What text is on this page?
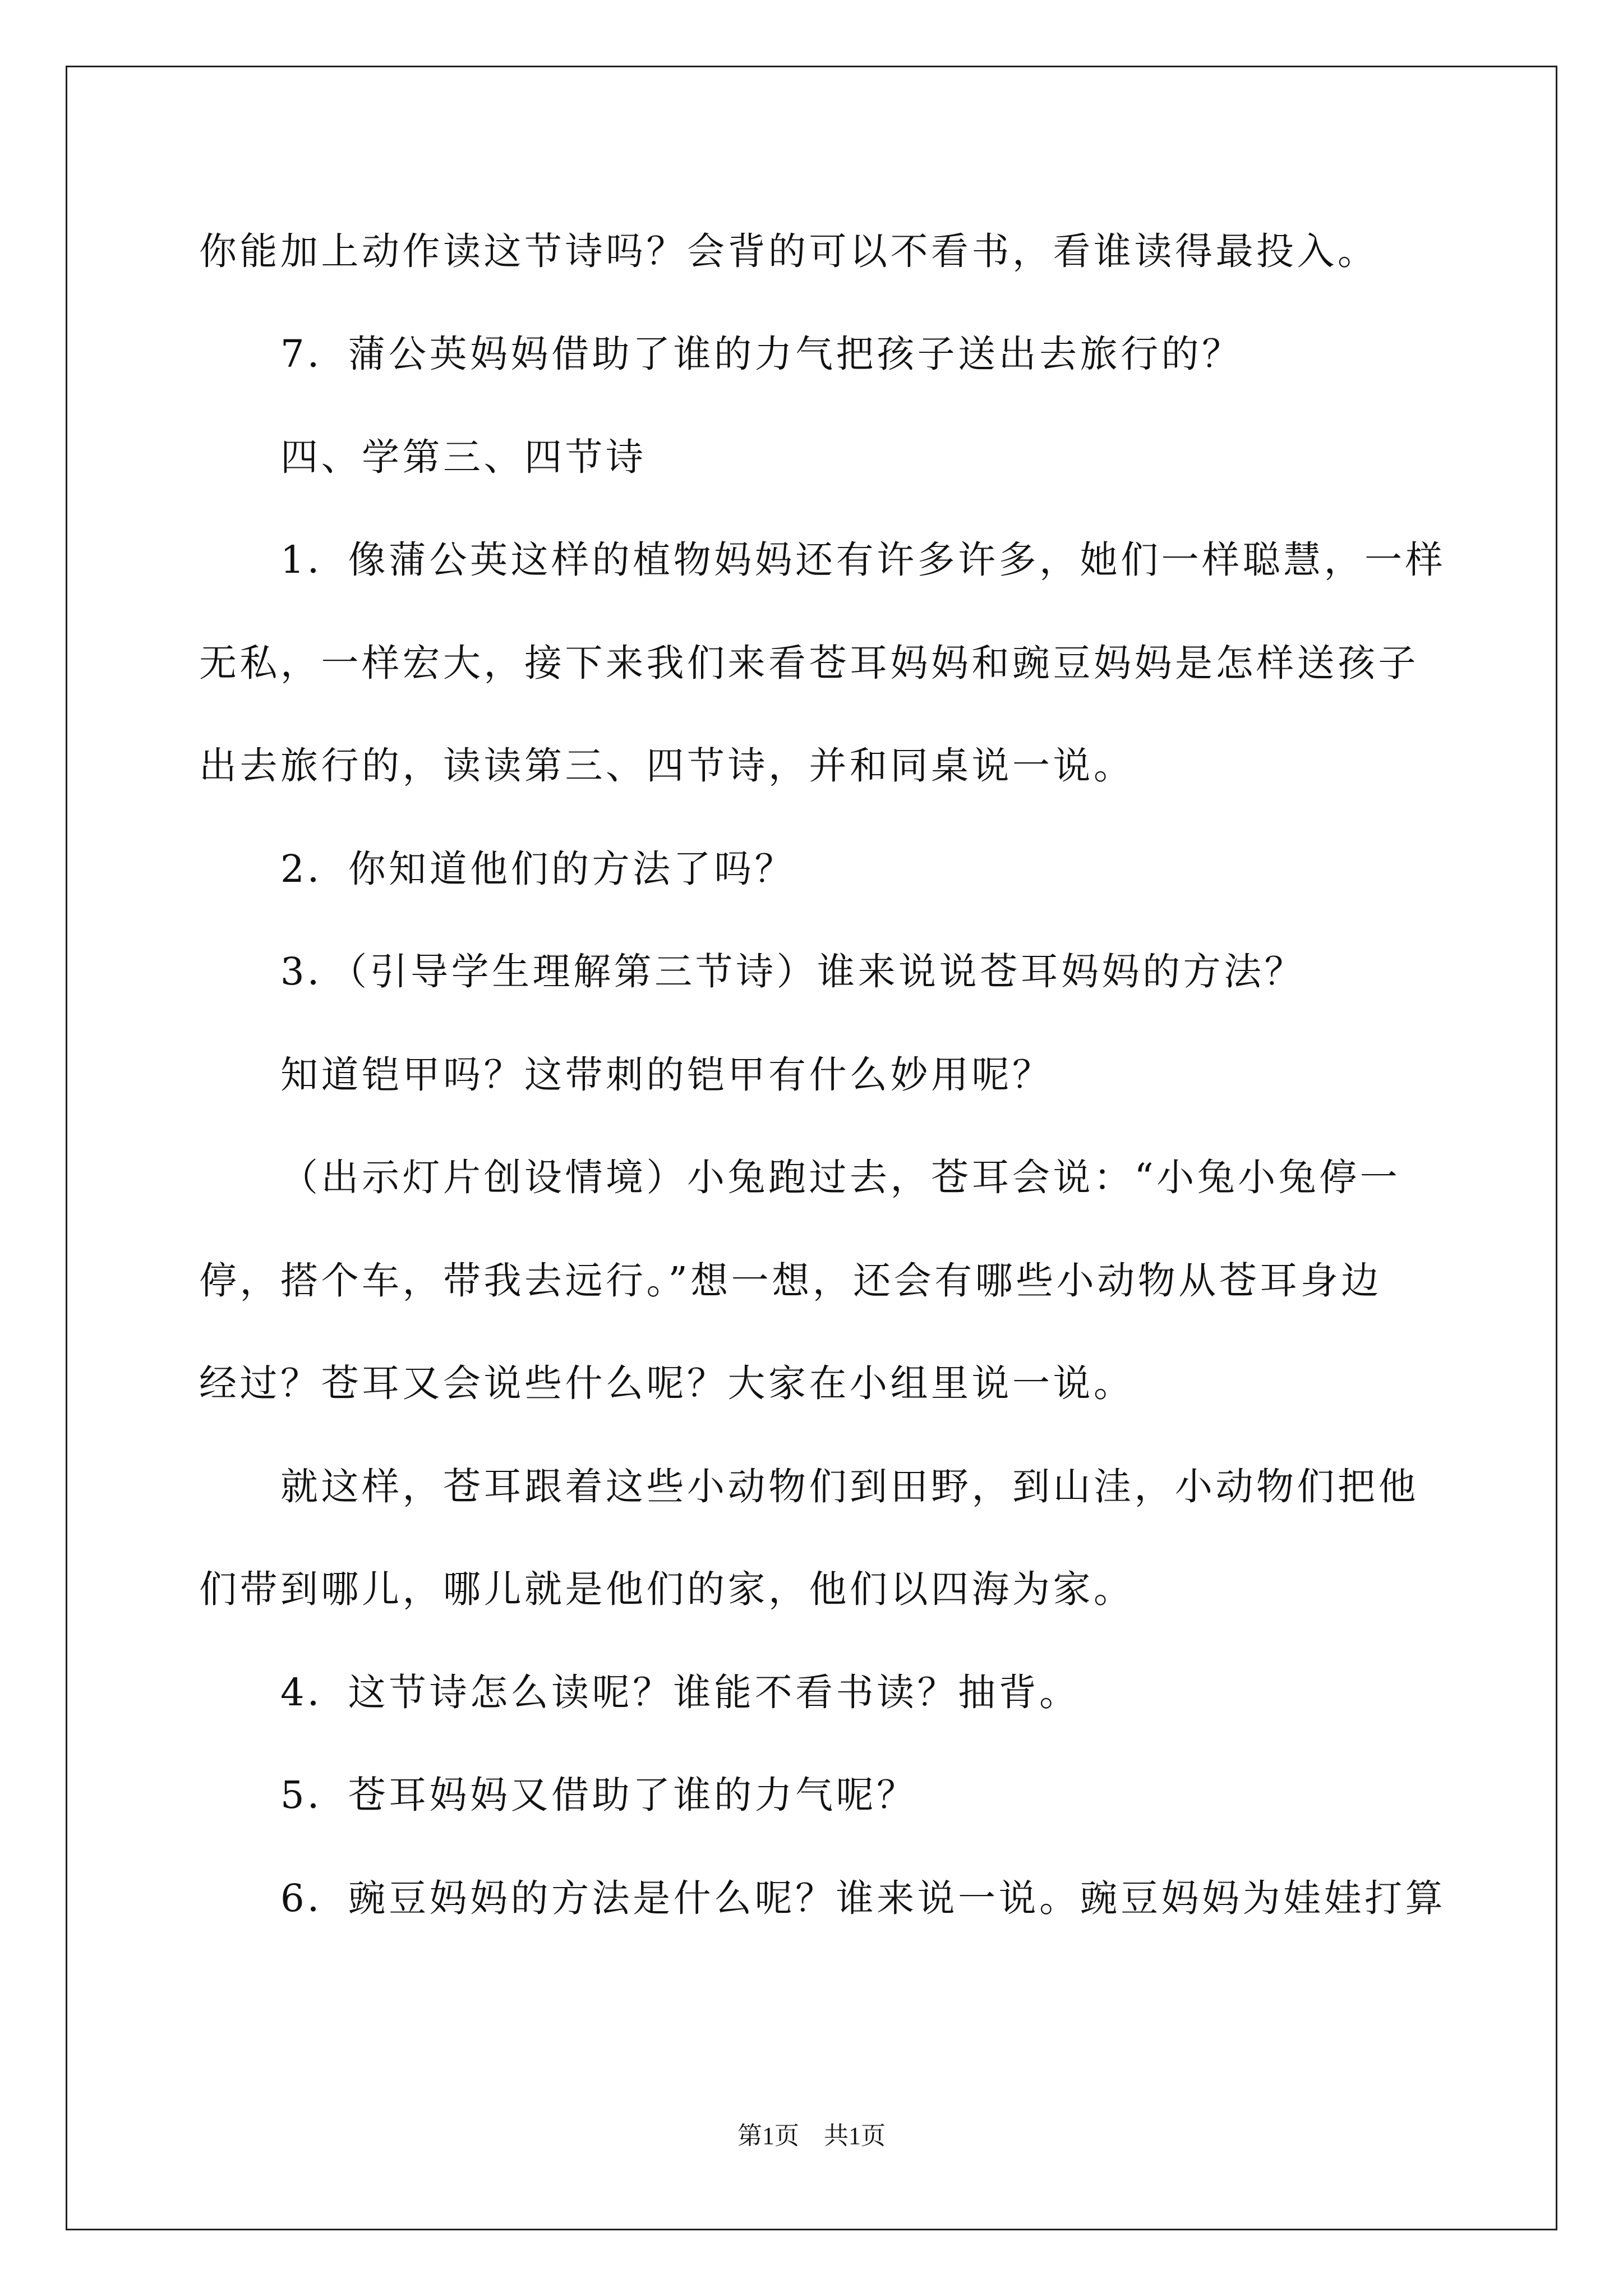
你能加上动作读这节诗吗？会背的可以不看书，看谁读得最投入。

7．蒲公英妈妈借助了谁的力气把孩子送出去旅行的？

四、学第三、四节诗

1．像蒲公英这样的植物妈妈还有许多许多，她们一样聪慧，一样

无私，一样宏大，接下来我们来看苍耳妈妈和豌豆妈妈是怎样送孩子

出去旅行的，读读第三、四节诗，并和同桌说一说。

2．你知道他们的方法了吗？

3．（引导学生理解第三节诗）谁来说说苍耳妈妈的方法？

知道铠甲吗？这带刺的铠甲有什么妙用呢？

（出示灯片创设情境）小兔跑过去，苍耳会说：“小兔小兔停一

停，搭个车，带我去远行。”想一想，还会有哪些小动物从苍耳身边

经过？苍耳又会说些什么呢？大家在小组里说一说。

就这样，苍耳跟着这些小动物们到田野，到山洼，小动物们把他

们带到哪儿，哪儿就是他们的家，他们以四海为家。

4．这节诗怎么读呢？谁能不看书读？抽背。

5．苍耳妈妈又借助了谁的力气呢？

6．豌豆妈妈的方法是什么呢？谁来说一说。豌豆妈妈为娃娃打算

第1页　共1页
